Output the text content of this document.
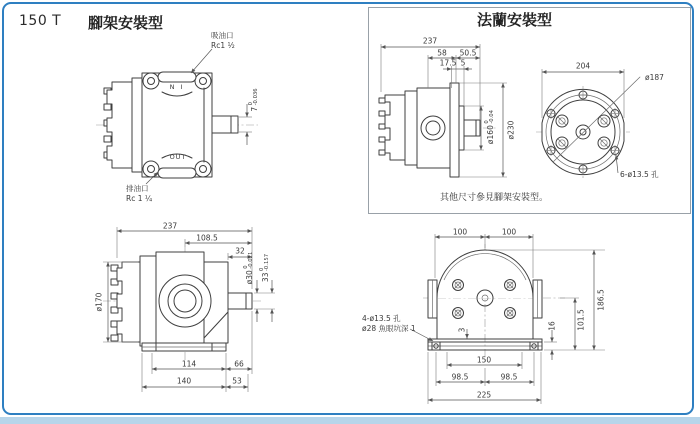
150 T 腳架安裝型	法蘭安裝型
其他尺寸參見腳架安裝型。
吸油口
Rc1 ½
排油口
Rc 1 ¼
N I
OUT
7
0 -0.036
237
108.5
32
ø30
0 -0.021
33
0 -0.157
ø170
114	66
140	53
237
58 50.5
17.5 5
ø160
0 -0.04
ø230
204
ø187
6-ø13.5 孔
100	100
186.5
101.5
16
3
150
98.5	98.5
225
4-ø13.5 孔
ø28 魚眼坑深 1
